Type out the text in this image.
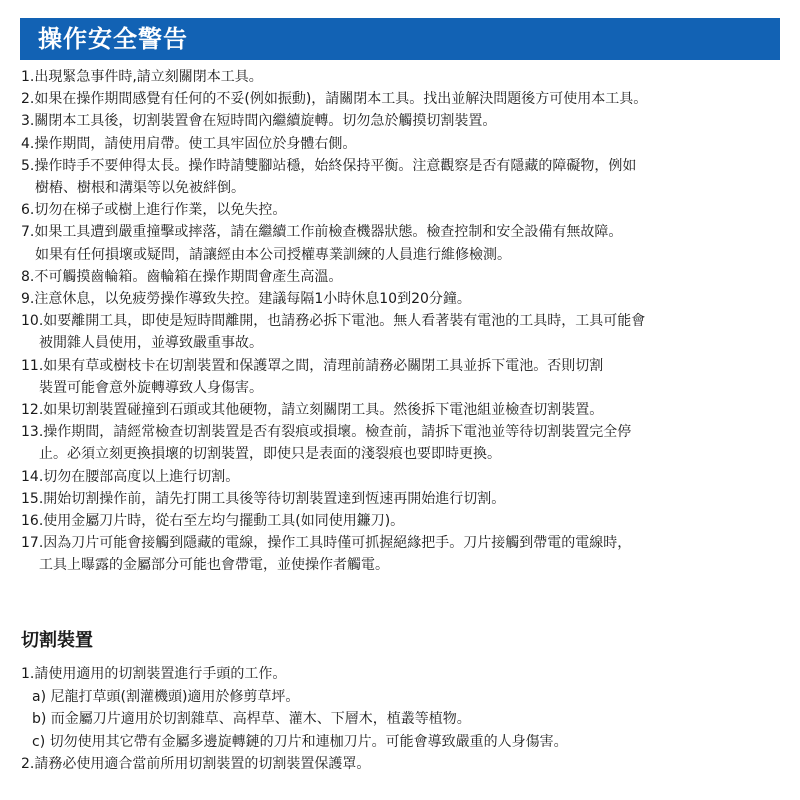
操作安全警告
1.出現緊急事件時,請立刻關閉本工具。
2.如果在操作期間感覺有任何的不妥(例如振動)，請關閉本工具。找出並解決問題後方可使用本工具。
3.關閉本工具後，切割裝置會在短時間內繼續旋轉。切勿急於觸摸切割裝置。
4.操作期間，請使用肩帶。使工具牢固位於身體右側。
5.操作時手不要伸得太長。操作時請雙腳站穩，始終保持平衡。注意觀察是否有隱藏的障礙物，例如
樹樁、樹根和溝渠等以免被絆倒。
6.切勿在梯子或樹上進行作業，以免失控。
7.如果工具遭到嚴重撞擊或摔落，請在繼續工作前檢查機器狀態。檢查控制和安全設備有無故障。
如果有任何損壞或疑問，請讓經由本公司授權專業訓練的人員進行維修檢測。
8.不可觸摸齒輪箱。齒輪箱在操作期間會產生高溫。
9.注意休息，以免疲勞操作導致失控。建議每隔1小時休息10到20分鐘。
10.如要離開工具，即使是短時間離開，也請務必拆下電池。無人看著裝有電池的工具時，工具可能會
被閒雜人員使用，並導致嚴重事故。
11.如果有草或樹枝卡在切割裝置和保護罩之間，清理前請務必關閉工具並拆下電池。否則切割
裝置可能會意外旋轉導致人身傷害。
12.如果切割裝置碰撞到石頭或其他硬物，請立刻關閉工具。然後拆下電池組並檢查切割裝置。
13.操作期間，請經常檢查切割裝置是否有裂痕或損壞。檢查前，請拆下電池並等待切割裝置完全停
止。必須立刻更換損壞的切割裝置，即使只是表面的淺裂痕也要即時更換。
14.切勿在腰部高度以上進行切割。
15.開始切割操作前，請先打開工具後等待切割裝置達到恆速再開始進行切割。
16.使用金屬刀片時，從右至左均勻擺動工具(如同使用鐮刀)。
17.因為刀片可能會接觸到隱藏的電線，操作工具時僅可抓握絕緣把手。刀片接觸到帶電的電線時，
工具上曝露的金屬部分可能也會帶電，並使操作者觸電。
切割裝置
1.請使用適用的切割裝置進行手頭的工作。
a) 尼龍打草頭(割灌機頭)適用於修剪草坪。
b) 而金屬刀片適用於切割雜草、高桿草、灌木、下層木，植叢等植物。
c) 切勿使用其它帶有金屬多邊旋轉鏈的刀片和連枷刀片。可能會導致嚴重的人身傷害。
2.請務必使用適合當前所用切割裝置的切割裝置保護罩。
